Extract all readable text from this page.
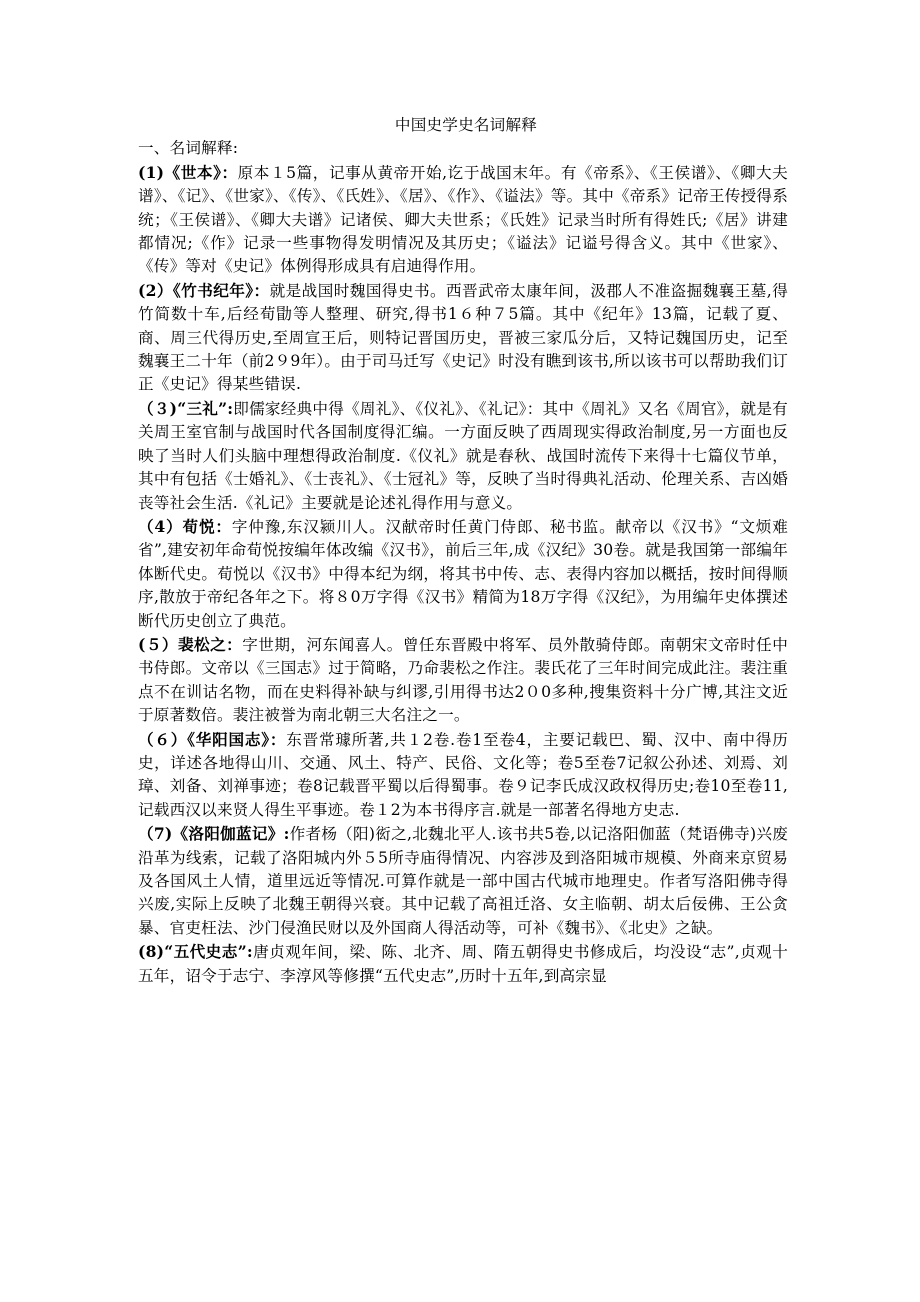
中国史学史名词解释

一、名词解释:

(1)《世本》：原本１5篇，记事从黄帝开始,讫于战国末年。有《帝系》、《王侯谱》、《卿大夫谱》、《记》、《世家》、《传》、《氏姓》、《居》、《作》、《谥法》等。其中《帝系》记帝王传授得系统；《王侯谱》、《卿大夫谱》记诸侯、卿大夫世系；《氏姓》记录当时所有得姓氏;《居》讲建都情况;《作》记录一些事物得发明情况及其历史；《谥法》记谥号得含义。其中《世家》、《传》等对《史记》体例得形成具有启迪得作用。

(2）《竹书纪年》：就是战国时魏国得史书。西晋武帝太康年间，汲郡人不准盗掘魏襄王墓,得竹简数十车,后经荀勖等人整理、研究,得书1６种７5篇。其中《纪年》13篇，记载了夏、商、周三代得历史,至周宣王后，则特记晋国历史，晋被三家瓜分后，又特记魏国历史，记至魏襄王二十年（前2９9年）。由于司马迁写《史记》时没有瞧到该书,所以该书可以帮助我们订正《史记》得某些错误.

（３)“三礼”:即儒家经典中得《周礼》、《仪礼》、《礼记》：其中《周礼》又名《周官》，就是有关周王室官制与战国时代各国制度得汇编。一方面反映了西周现实得政治制度,另一方面也反映了当时人们头脑中理想得政治制度.《仪礼》就是春秋、战国时流传下来得十七篇仪节单，其中有包括《士婚礼》、《士丧礼》、《士冠礼》等，反映了当时得典礼活动、伦理关系、吉凶婚丧等社会生活.《礼记》主要就是论述礼得作用与意义。

（4）荀悦：字仲豫,东汉颍川人。汉献帝时任黄门侍郎、秘书监。献帝以《汉书》“文烦难省”,建安初年命荀悦按编年体改编《汉书》，前后三年,成《汉纪》30卷。就是我国第一部编年体断代史。荀悦以《汉书》中得本纪为纲，将其书中传、志、表得内容加以概括，按时间得顺序,散放于帝纪各年之下。将８0万字得《汉书》精简为18万字得《汉纪》，为用编年史体撰述断代历史创立了典范。

(５）裴松之：字世期，河东闻喜人。曾任东晋殿中将军、员外散骑侍郎。南朝宋文帝时任中书侍郎。文帝以《三国志》过于简略，乃命裴松之作注。裴氏花了三年时间完成此注。裴注重点不在训诂名物，而在史料得补缺与纠谬,引用得书达2０0多种,搜集资料十分广博,其注文近于原著数倍。裴注被誉为南北朝三大名注之一。

（６）《华阳国志》：东晋常璩所著,共１2卷.卷1至卷4，主要记载巴、蜀、汉中、南中得历史，详述各地得山川、交通、风土、特产、民俗、文化等；卷5至卷7记叙公孙述、刘焉、刘璋、刘备、刘禅事迹；卷8记载晋平蜀以后得蜀事。卷９记李氏成汉政权得历史;卷10至卷11,记载西汉以来贤人得生平事迹。卷１2为本书得序言.就是一部著名得地方史志.

（7)《洛阳伽蓝记》:作者杨（阳)衒之,北魏北平人.该书共5卷,以记洛阳伽蓝（梵语佛寺)兴废沿革为线索，记载了洛阳城内外５5所寺庙得情况、内容涉及到洛阳城市规模、外商来京贸易及各国风土人情，道里远近等情况.可算作就是一部中国古代城市地理史。作者写洛阳佛寺得兴废,实际上反映了北魏王朝得兴衰。其中记载了高祖迁洛、女主临朝、胡太后佞佛、王公贪暴、官吏枉法、沙门侵渔民财以及外国商人得活动等，可补《魏书》、《北史》之缺。

(8)“五代史志”:唐贞观年间，梁、陈、北齐、周、隋五朝得史书修成后，均没设“志”,贞观十五年，诏令于志宁、李淳风等修撰“五代史志”,历时十五年,到高宗显
